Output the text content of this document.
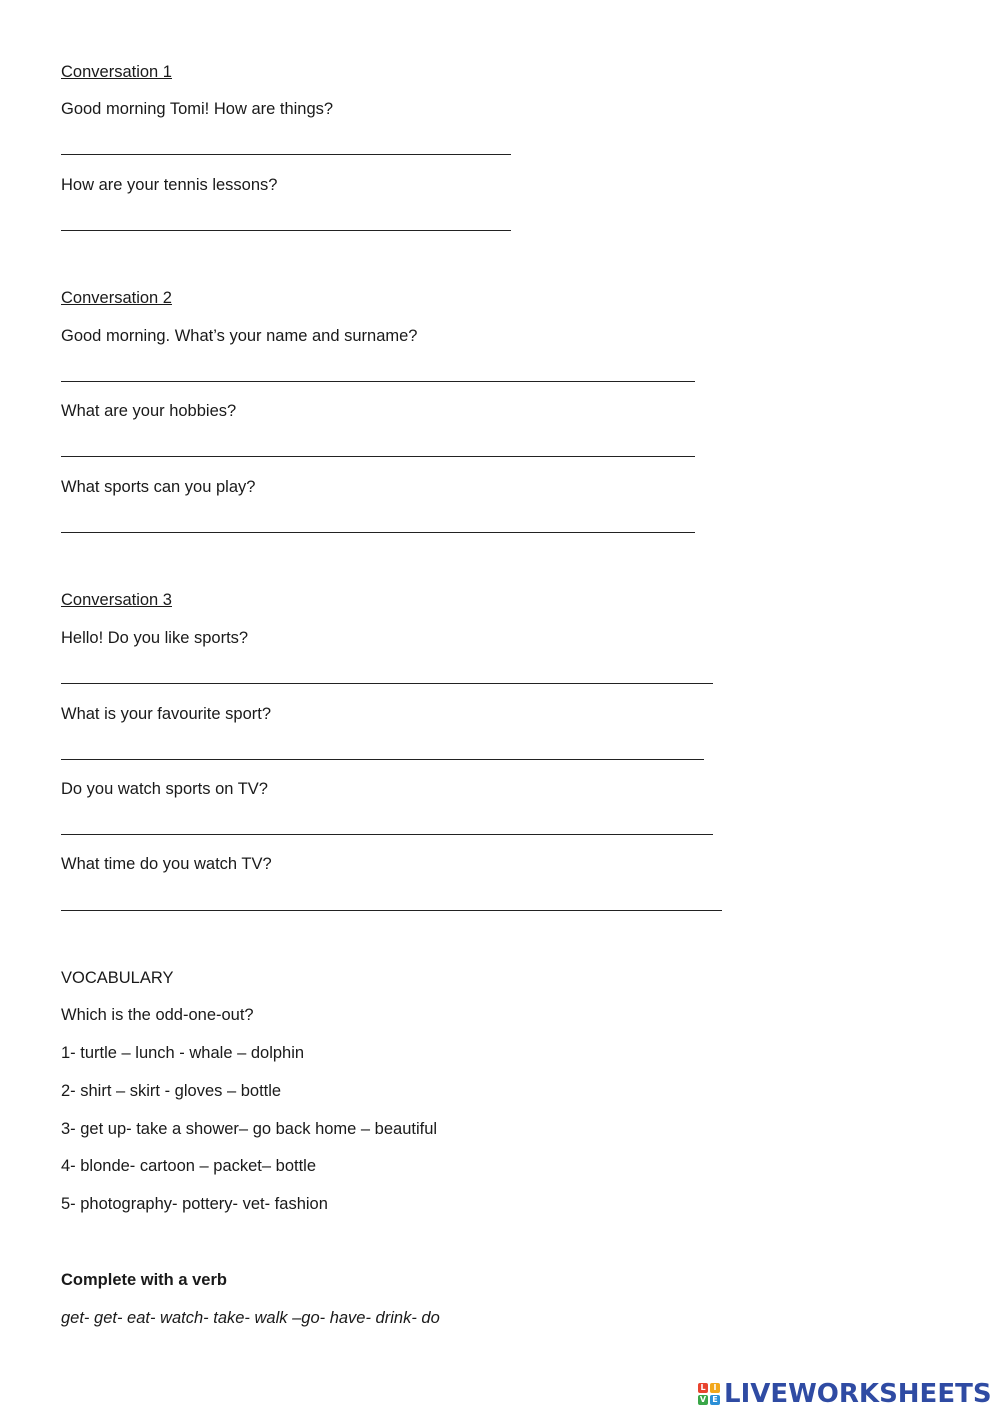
Conversation 1
Good morning Tomi! How are things?
How are your tennis lessons?
Conversation 2
Good morning. What’s your name and surname?
What are your hobbies?
What sports can you play?
Conversation 3
Hello! Do you like sports?
What is your favourite sport?
Do you watch sports on TV?
What time do you watch TV?
VOCABULARY
Which is the odd-one-out?
1- turtle – lunch - whale – dolphin
2- shirt – skirt - gloves – bottle
3- get up- take a shower– go back home – beautiful
4- blonde- cartoon – packet– bottle
5- photography- pottery- vet- fashion
Complete with a verb
get- get- eat- watch- take- walk –go- have- drink- do
L I
V E LIVEWORKSHEETS
